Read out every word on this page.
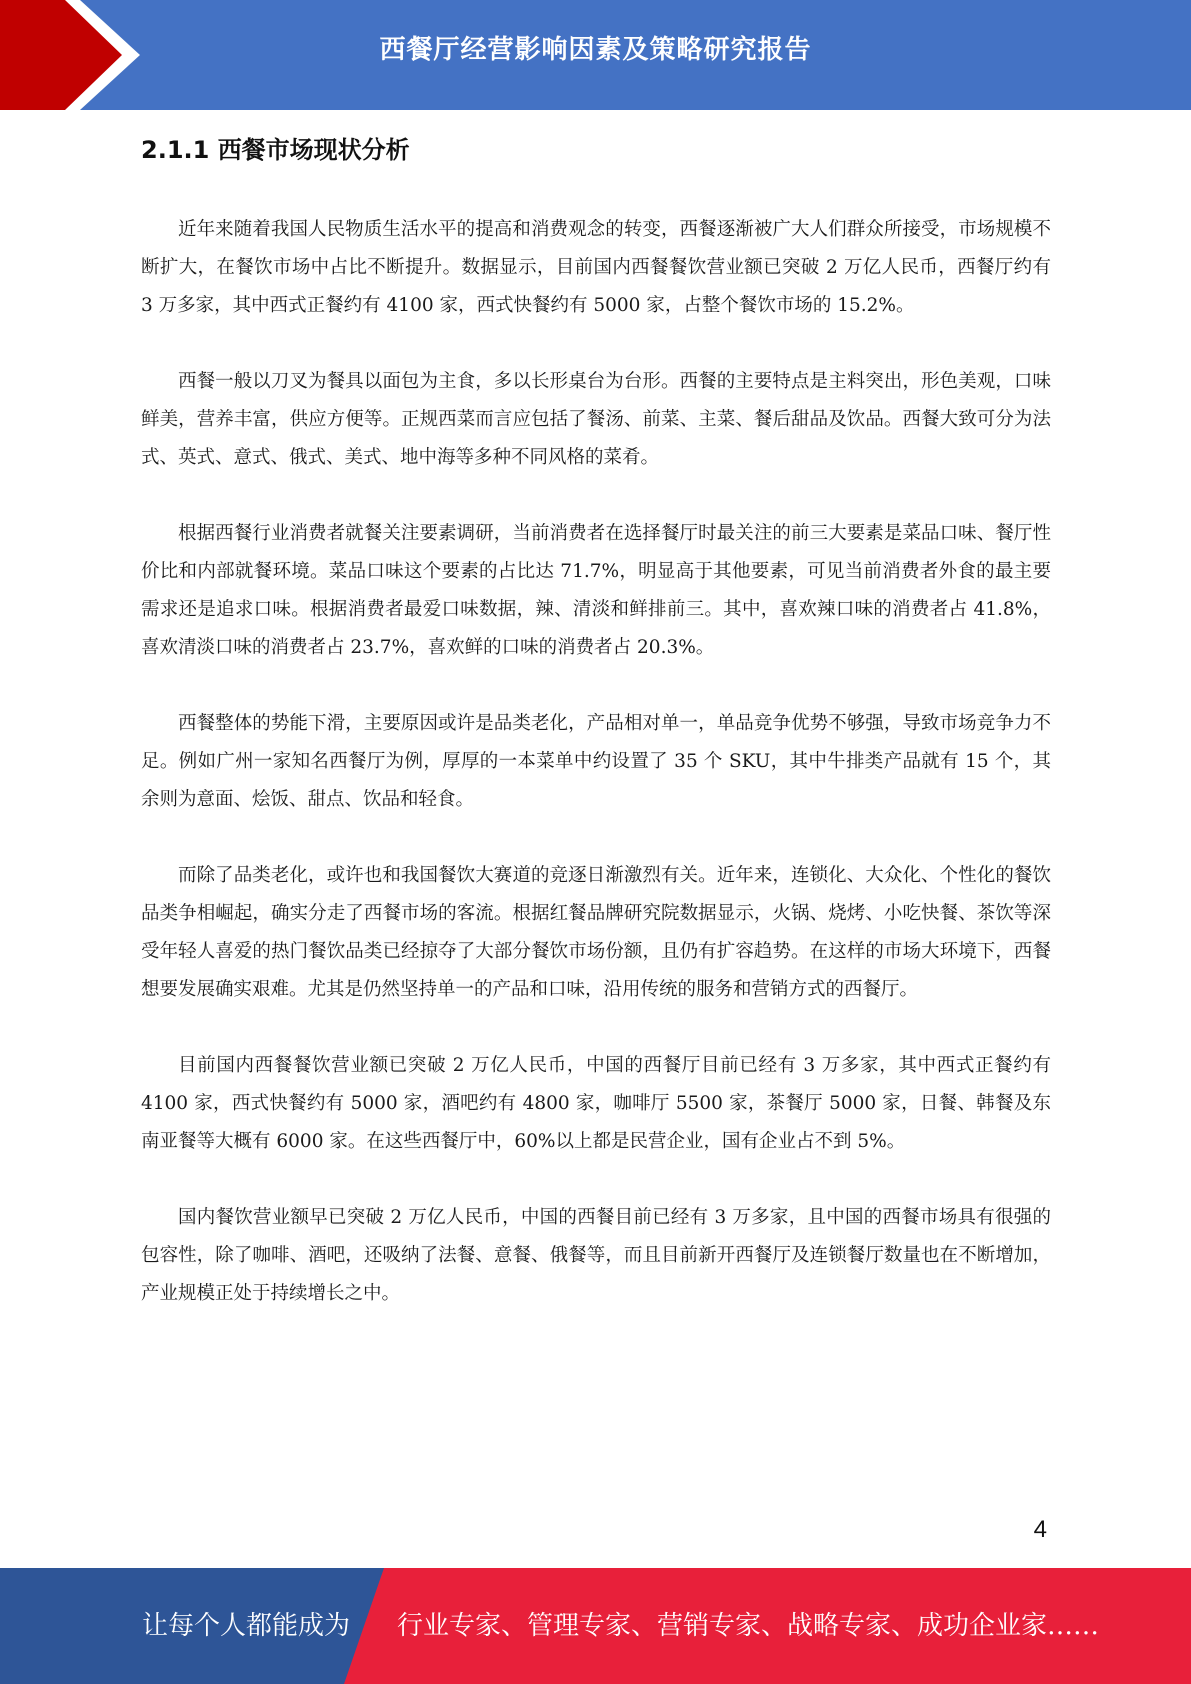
西餐厅经营影响因素及策略研究报告
2.1.1 西餐市场现状分析

近年来随着我国人民物质生活水平的提高和消费观念的转变，西餐逐渐被广大人们群众所接受，市场规模不断扩大，在餐饮市场中占比不断提升。数据显示，目前国内西餐餐饮营业额已突破 2 万亿人民币，西餐厅约有 3 万多家，其中西式正餐约有 4100 家，西式快餐约有 5000 家，占整个餐饮市场的 15.2%。

西餐一般以刀叉为餐具以面包为主食，多以长形桌台为台形。西餐的主要特点是主料突出，形色美观，口味鲜美，营养丰富，供应方便等。正规西菜而言应包括了餐汤、前菜、主菜、餐后甜品及饮品。西餐大致可分为法式、英式、意式、俄式、美式、地中海等多种不同风格的菜肴。

根据西餐行业消费者就餐关注要素调研，当前消费者在选择餐厅时最关注的前三大要素是菜品口味、餐厅性价比和内部就餐环境。菜品口味这个要素的占比达 71.7%，明显高于其他要素，可见当前消费者外食的最主要需求还是追求口味。根据消费者最爱口味数据，辣、清淡和鲜排前三。其中，喜欢辣口味的消费者占 41.8%，喜欢清淡口味的消费者占 23.7%，喜欢鲜的口味的消费者占 20.3%。

西餐整体的势能下滑，主要原因或许是品类老化，产品相对单一，单品竞争优势不够强，导致市场竞争力不足。例如广州一家知名西餐厅为例，厚厚的一本菜单中约设置了 35 个 SKU，其中牛排类产品就有 15 个，其余则为意面、烩饭、甜点、饮品和轻食。

而除了品类老化，或许也和我国餐饮大赛道的竞逐日渐激烈有关。近年来，连锁化、大众化、个性化的餐饮品类争相崛起，确实分走了西餐市场的客流。根据红餐品牌研究院数据显示，火锅、烧烤、小吃快餐、茶饮等深受年轻人喜爱的热门餐饮品类已经掠夺了大部分餐饮市场份额，且仍有扩容趋势。在这样的市场大环境下，西餐想要发展确实艰难。尤其是仍然坚持单一的产品和口味，沿用传统的服务和营销方式的西餐厅。

目前国内西餐餐饮营业额已突破 2 万亿人民币，中国的西餐厅目前已经有 3 万多家，其中西式正餐约有 4100 家，西式快餐约有 5000 家，酒吧约有 4800 家，咖啡厅 5500 家，茶餐厅 5000 家，日餐、韩餐及东南亚餐等大概有 6000 家。在这些西餐厅中，60%以上都是民营企业，国有企业占不到 5%。

国内餐饮营业额早已突破 2 万亿人民币，中国的西餐目前已经有 3 万多家，且中国的西餐市场具有很强的包容性，除了咖啡、酒吧，还吸纳了法餐、意餐、俄餐等，而且目前新开西餐厅及连锁餐厅数量也在不断增加，产业规模正处于持续增长之中。

4
让每个人都能成为 行业专家、管理专家、营销专家、战略专家、成功企业家……
